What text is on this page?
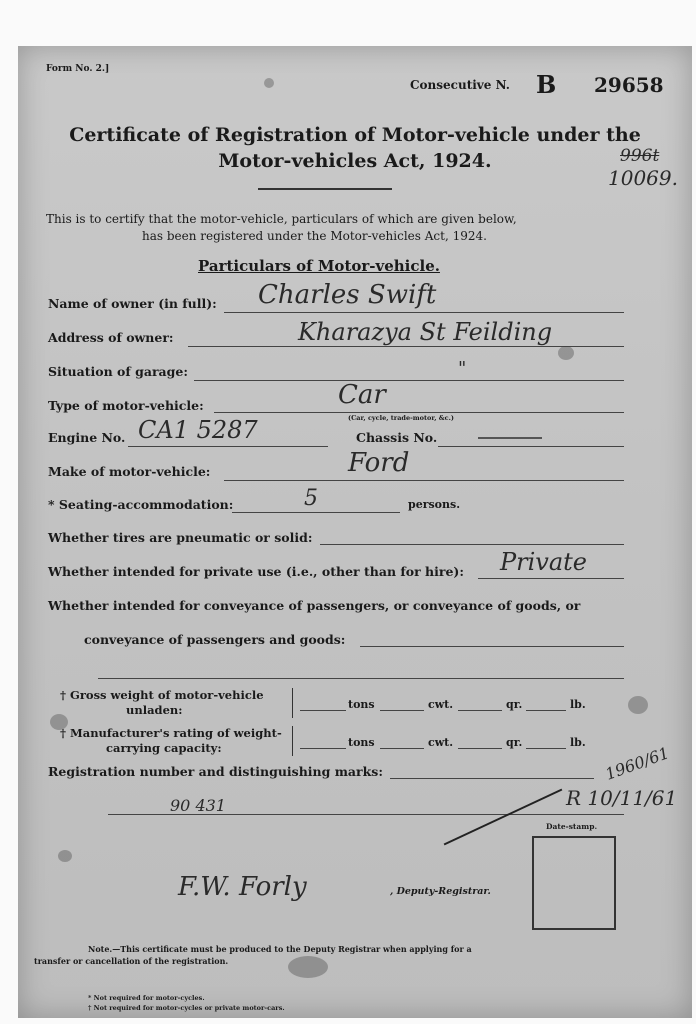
Form No. 2.]
Consecutive N. B 29658
Certificate of Registration of Motor-vehicle under the
Motor-vehicles Act, 1924.	996t
10069.
This is to certify that the motor-vehicle, particulars of which are given below,
has been registered under the Motor-vehicles Act, 1924.
Particulars of Motor-vehicle.
Name of owner (in full): Charles Swift
Address of owner:	Kharazya St Feilding
Situation of garage:	"
Type of motor-vehicle:	Car
(Car, cycle, trade-motor, &c.)
Engine No. CA1 5287	Chassis No.
Make of motor-vehicle:	Ford
* Seating-accommodation:	5	persons.
Whether tires are pneumatic or solid:
Whether intended for private use (i.e., other than for hire): Private
Whether intended for conveyance of passengers, or conveyance of goods, or
conveyance of passengers and goods:
† Gross weight of motor-vehicle
unladen:	tons	cwt.	qr.	lb.
† Manufacturer's rating of weight-
carrying capacity:	tons	cwt.	qr.	lb.
Registration number and distinguishing marks:	1960/61
90 431	R 10/11/61
Date-stamp.
F.W. Forly	, Deputy-Registrar.
Note.—This certificate must be produced to the Deputy Registrar when applying for a
transfer or cancellation of the registration.
* Not required for motor-cycles.
† Not required for motor-cycles or private motor-cars.
